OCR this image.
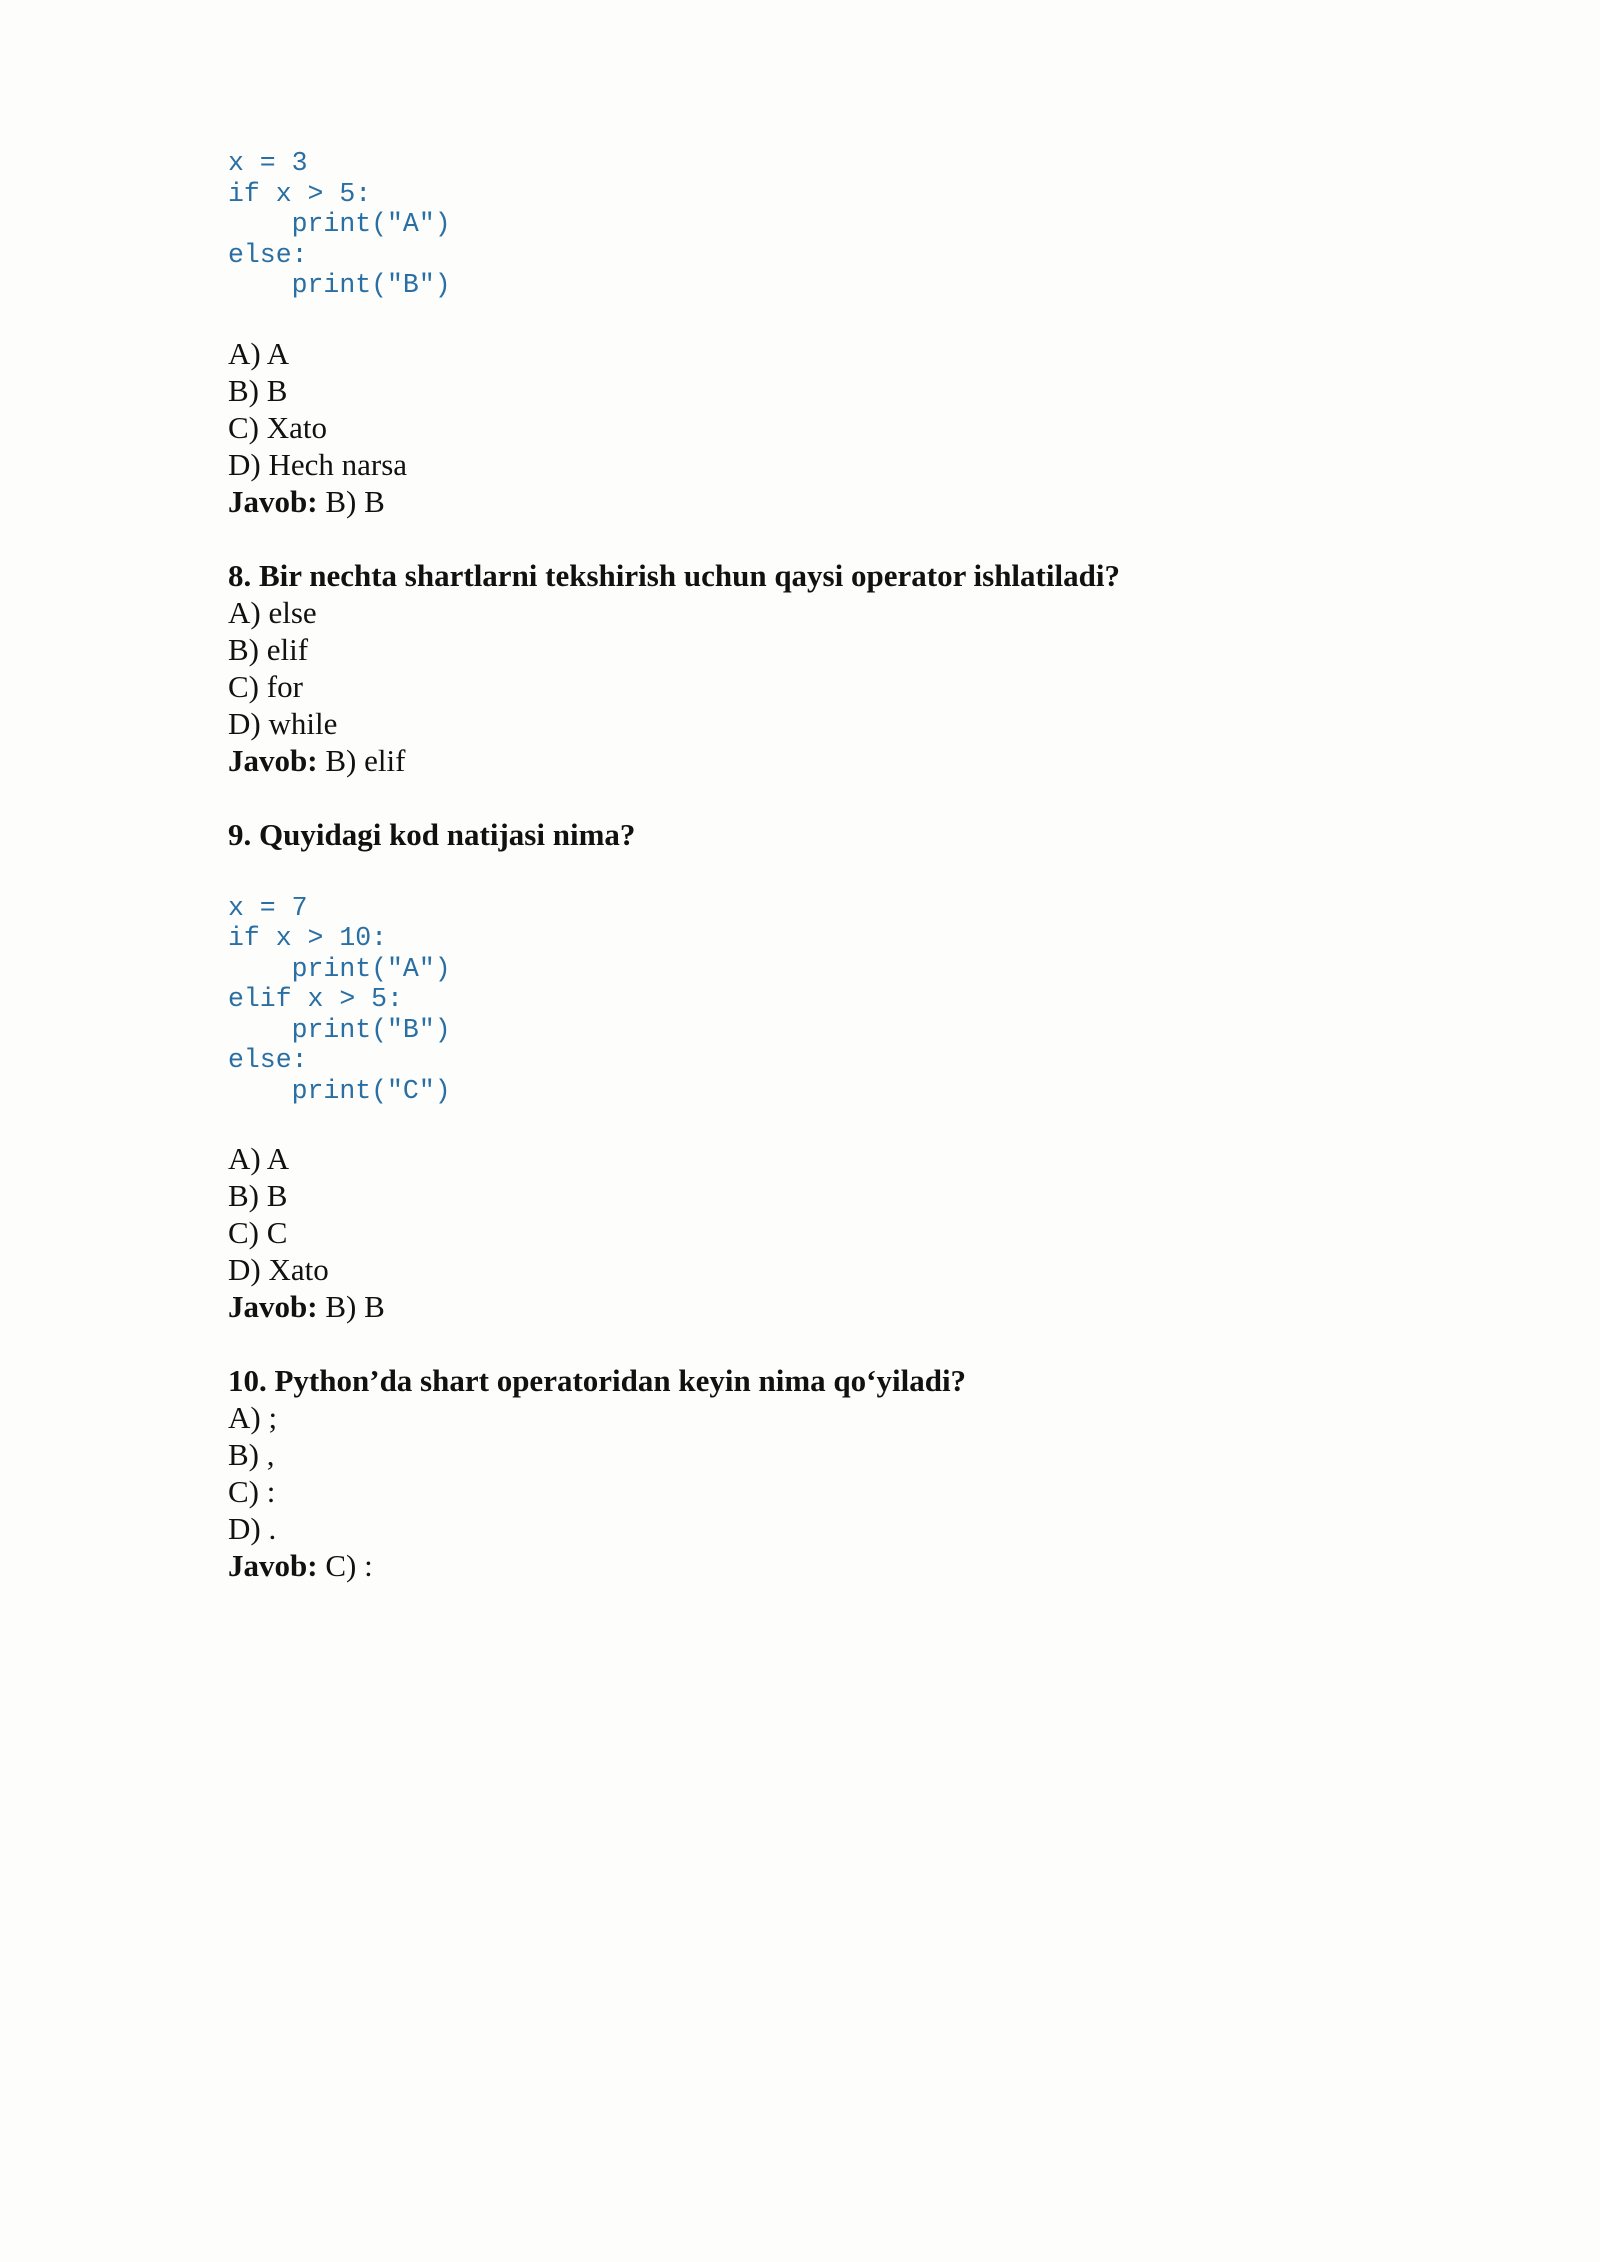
x = 3
if x > 5:
print("A")
else:
print("B")
A) A
B) B
C) Xato
D) Hech narsa
Javob: B) B
8. Bir nechta shartlarni tekshirish uchun qaysi operator ishlatiladi?
A) else
B) elif
C) for
D) while
Javob: B) elif
9. Quyidagi kod natijasi nima?
x = 7
if x > 10:
print("A")
elif x > 5:
print("B")
else:
print("C")
A) A
B) B
C) C
D) Xato
Javob: B) B
10. Python’da shart operatoridan keyin nima qo‘yiladi?
A) ;
B) ,
C) :
D) .
Javob: C) :
